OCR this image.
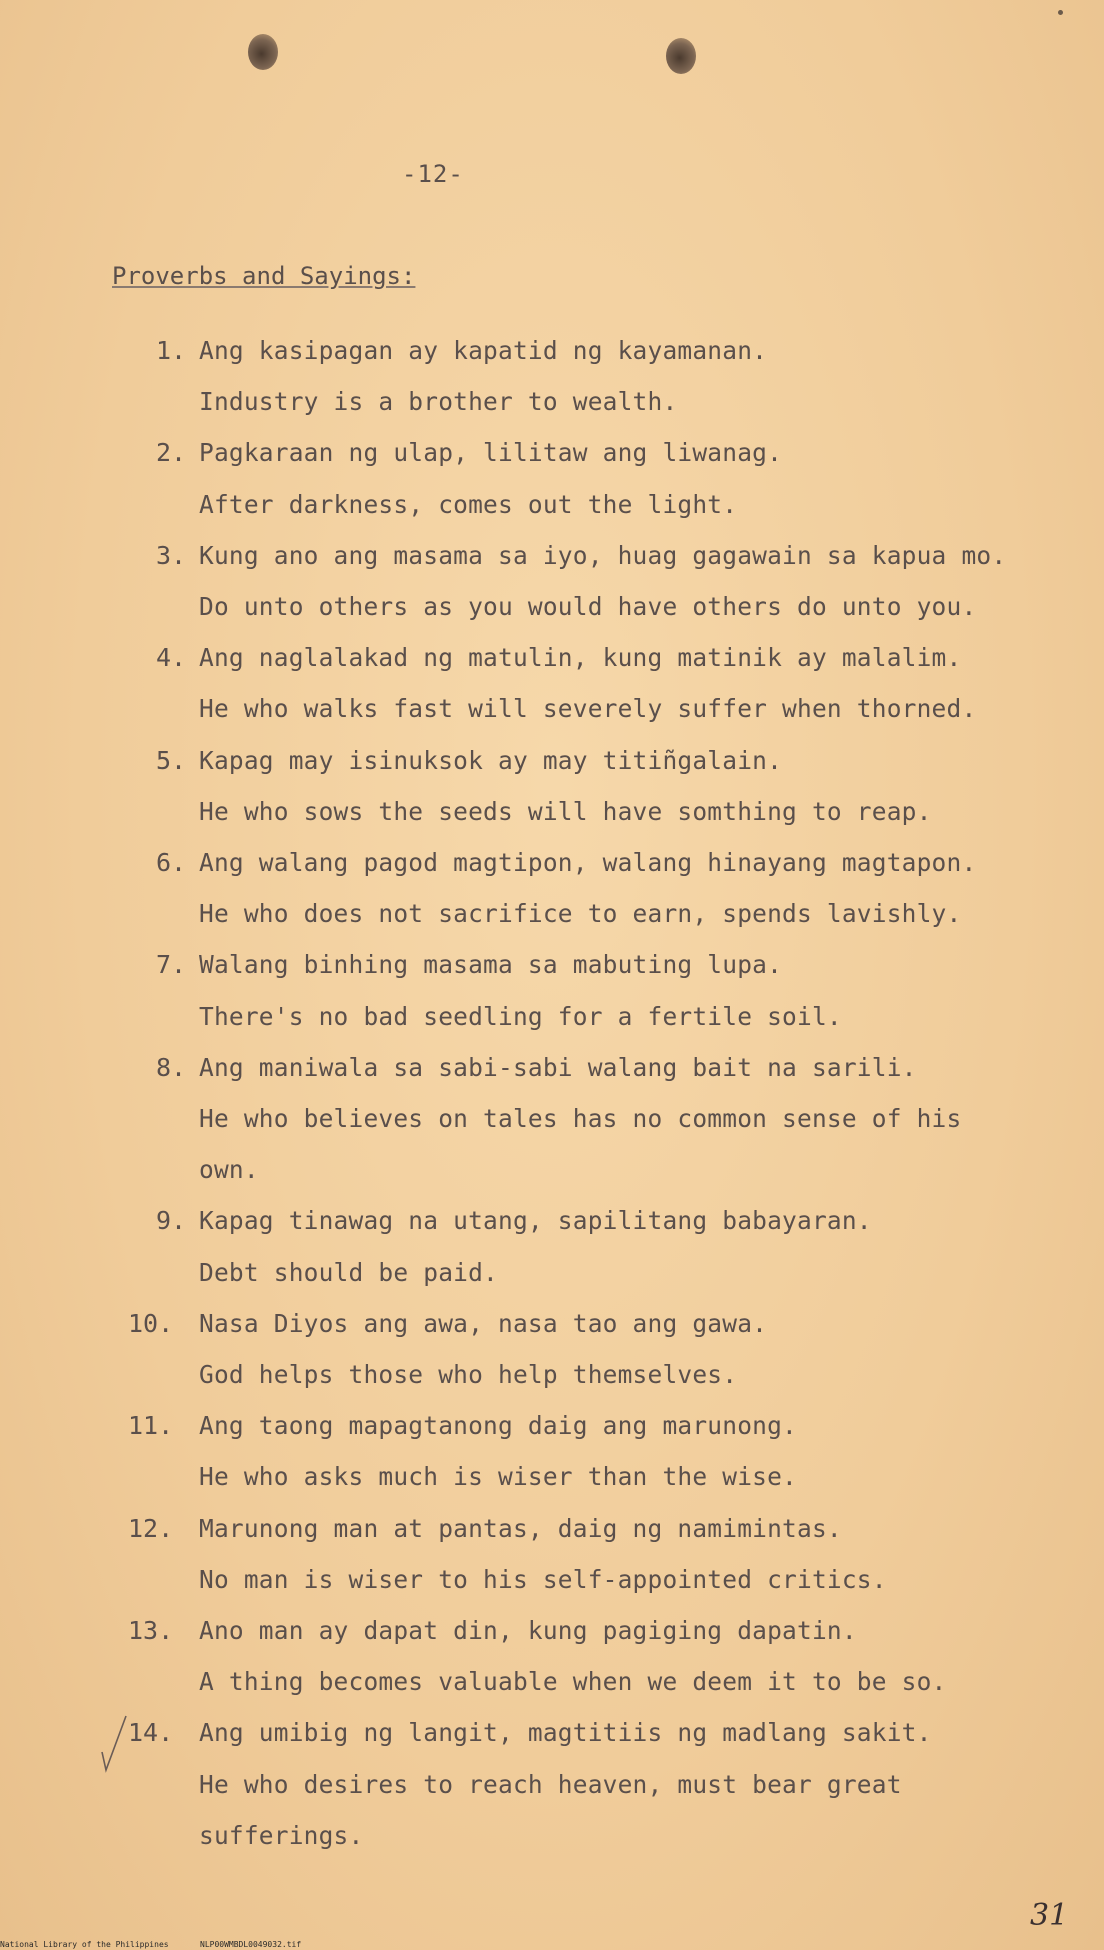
-12-
Proverbs and Sayings:
1. Ang kasipagan ay kapatid ng kayamanan.
Industry is a brother to wealth.
2. Pagkaraan ng ulap, lilitaw ang liwanag.
After darkness, comes out the light.
3. Kung ano ang masama sa iyo, huag gagawain sa kapua mo.
Do unto others as you would have others do unto you.
4. Ang naglalakad ng matulin, kung matinik ay malalim.
He who walks fast will severely suffer when thorned.
5. Kapag may isinuksok ay may titiñgalain.
He who sows the seeds will have somthing to reap.
6. Ang walang pagod magtipon, walang hinayang magtapon.
He who does not sacrifice to earn, spends lavishly.
7. Walang binhing masama sa mabuting lupa.
There's no bad seedling for a fertile soil.
8. Ang maniwala sa sabi-sabi walang bait na sarili.
He who believes on tales has no common sense of his
own.
9. Kapag tinawag na utang, sapilitang babayaran.
Debt should be paid.
10. Nasa Diyos ang awa, nasa tao ang gawa.
God helps those who help themselves.
11. Ang taong mapagtanong daig ang marunong.
He who asks much is wiser than the wise.
12. Marunong man at pantas, daig ng namimintas.
No man is wiser to his self-appointed critics.
13. Ano man ay dapat din, kung pagiging dapatin.
A thing becomes valuable when we deem it to be so.
14. Ang umibig ng langit, magtitiis ng madlang sakit.
He who desires to reach heaven, must bear great
sufferings.
31
National Library of the Philippines	NLP00WMBDL0049032.tif
